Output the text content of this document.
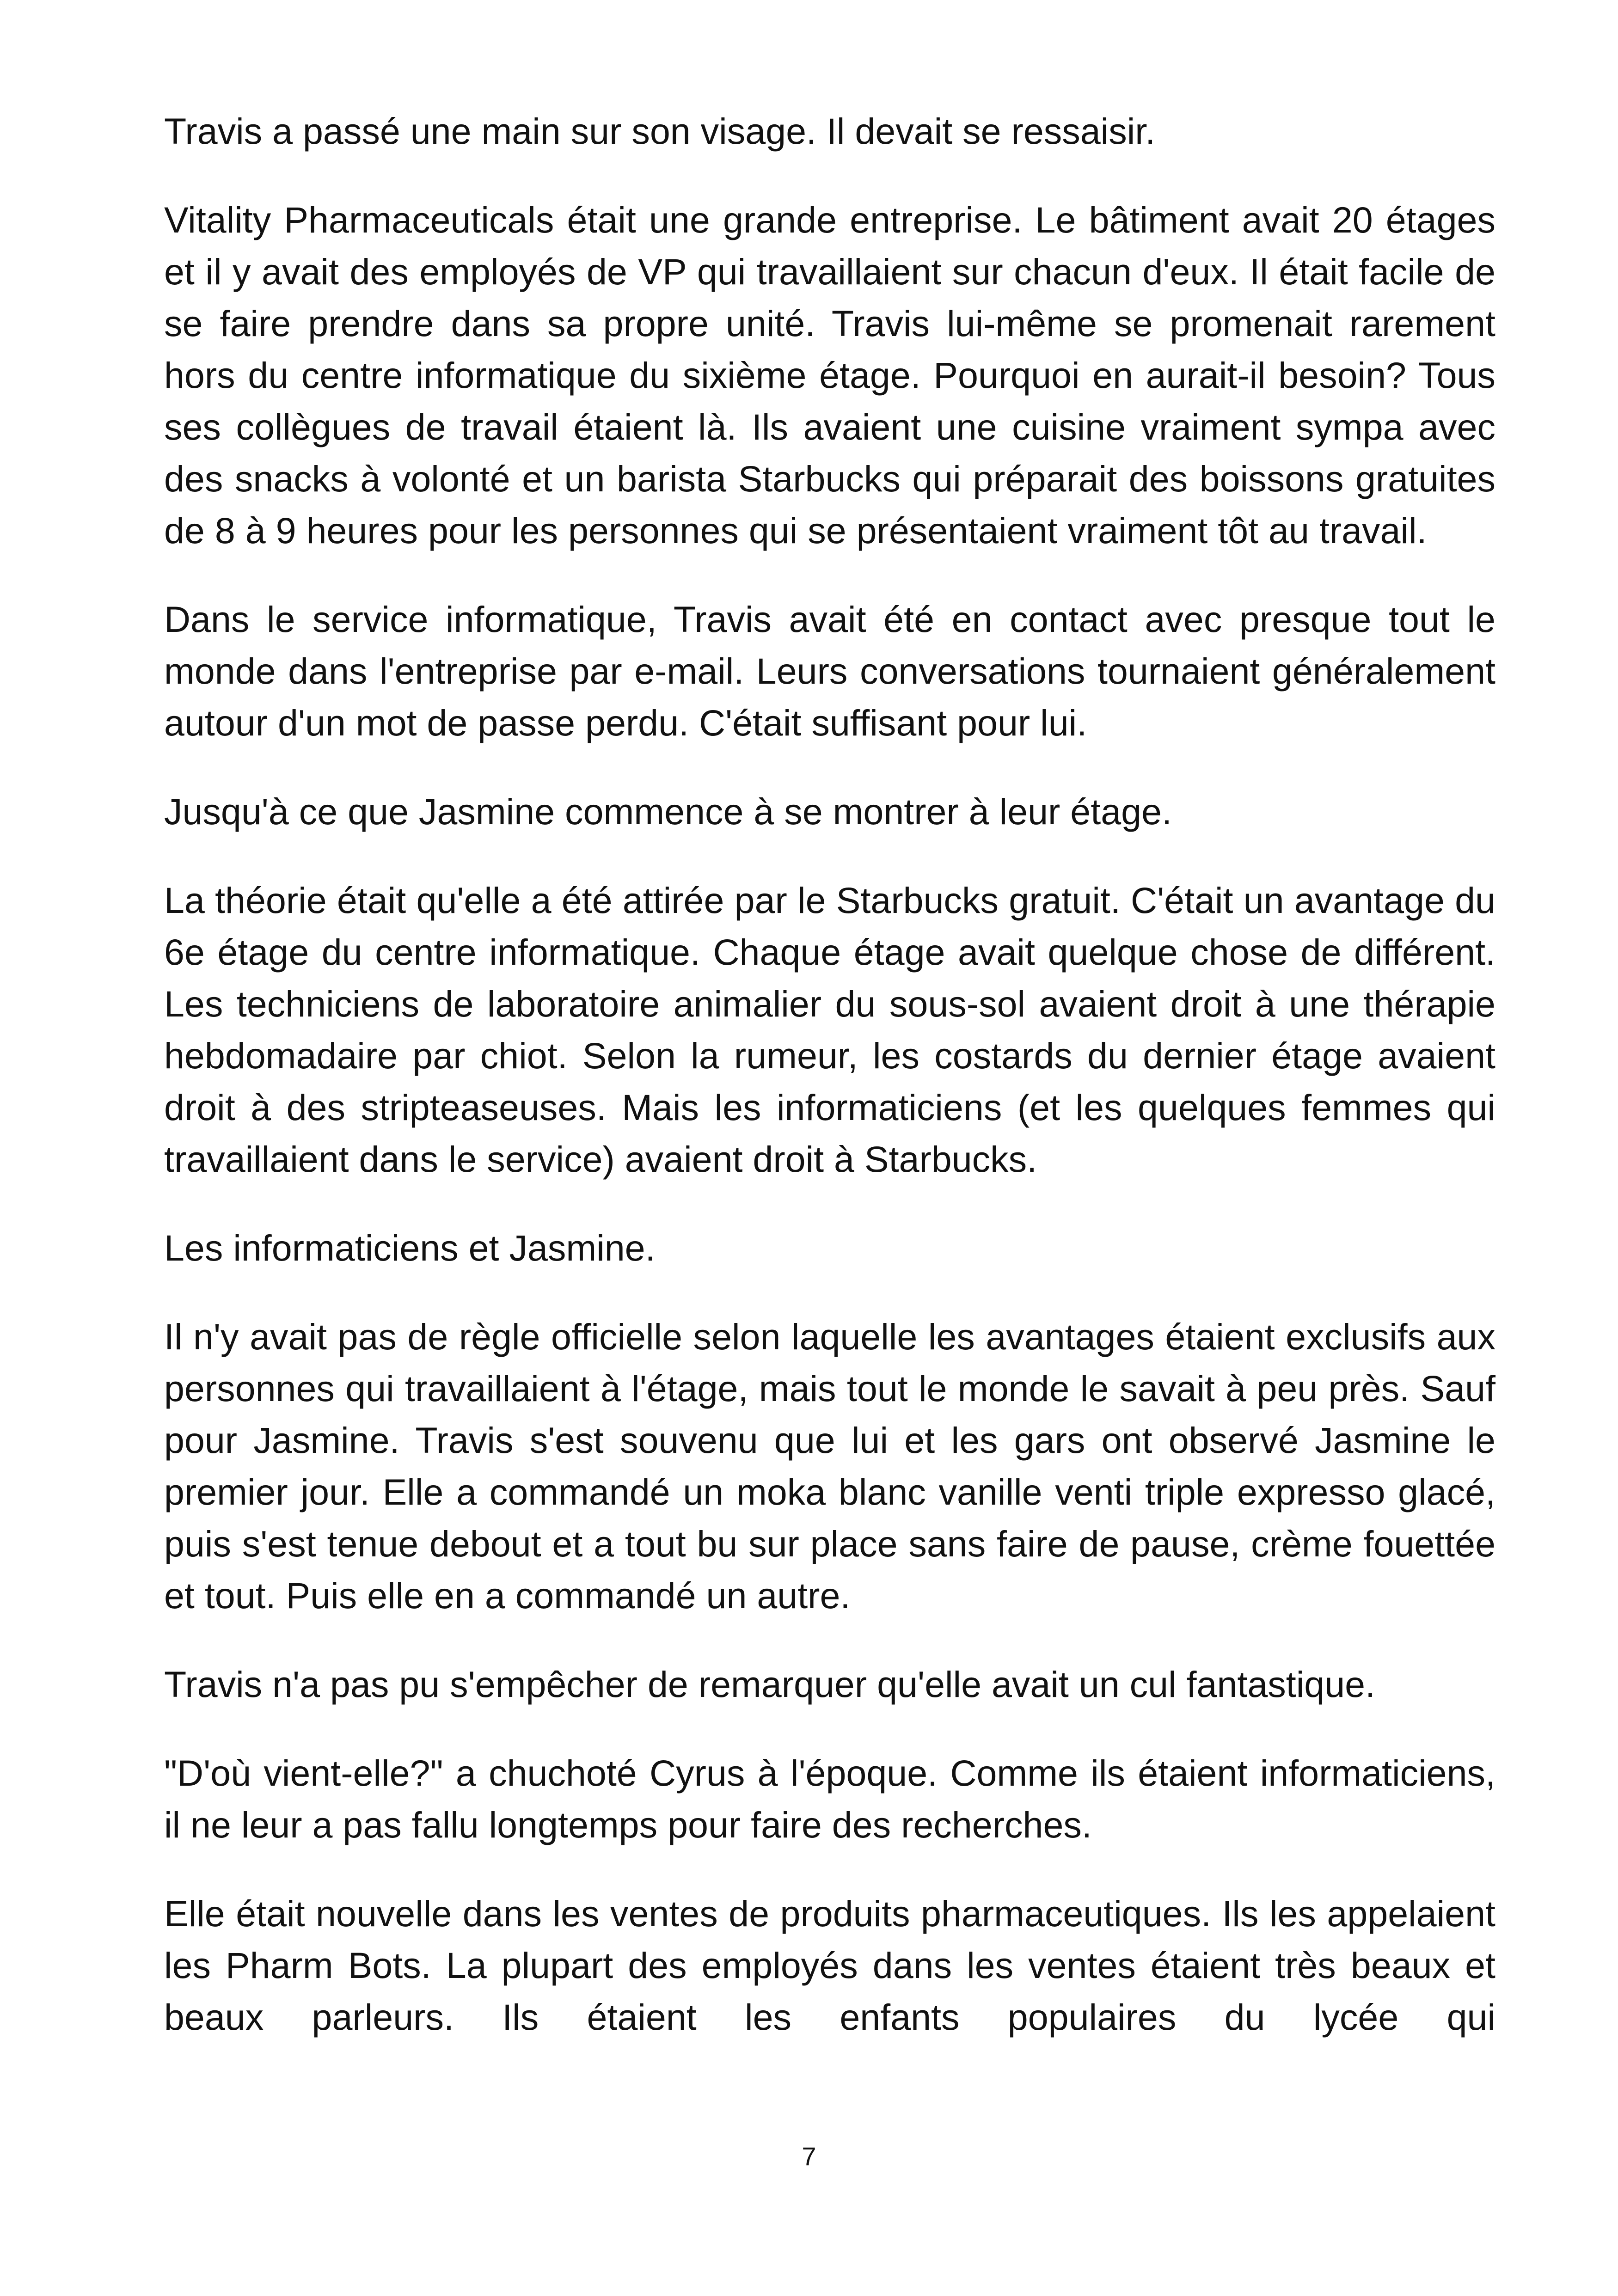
Travis a passé une main sur son visage. Il devait se ressaisir.

Vitality Pharmaceuticals était une grande entreprise. Le bâtiment avait 20 étages et il y avait des employés de VP qui travaillaient sur chacun d'eux. Il était facile de se faire prendre dans sa propre unité. Travis lui-même se promenait rarement hors du centre informatique du sixième étage. Pourquoi en aurait-il besoin? Tous ses collègues de travail étaient là. Ils avaient une cuisine vraiment sympa avec des snacks à volonté et un barista Starbucks qui préparait des boissons gratuites de 8 à 9 heures pour les personnes qui se présentaient vraiment tôt au travail.

Dans le service informatique, Travis avait été en contact avec presque tout le monde dans l'entreprise par e-mail. Leurs conversations tournaient généralement autour d'un mot de passe perdu. C'était suffisant pour lui.

Jusqu'à ce que Jasmine commence à se montrer à leur étage.

La théorie était qu'elle a été attirée par le Starbucks gratuit. C'était un avantage du 6e étage du centre informatique. Chaque étage avait quelque chose de différent. Les techniciens de laboratoire animalier du sous-sol avaient droit à une thérapie hebdomadaire par chiot. Selon la rumeur, les costards du dernier étage avaient droit à des stripteaseuses. Mais les informaticiens (et les quelques femmes qui travaillaient dans le service) avaient droit à Starbucks.

Les informaticiens et Jasmine.

Il n'y avait pas de règle officielle selon laquelle les avantages étaient exclusifs aux personnes qui travaillaient à l'étage, mais tout le monde le savait à peu près. Sauf pour Jasmine. Travis s'est souvenu que lui et les gars ont observé Jasmine le premier jour. Elle a commandé un moka blanc vanille venti triple expresso glacé, puis s'est tenue debout et a tout bu sur place sans faire de pause, crème fouettée et tout. Puis elle en a commandé un autre.

Travis n'a pas pu s'empêcher de remarquer qu'elle avait un cul fantastique.

"D'où vient-elle?" a chuchoté Cyrus à l'époque. Comme ils étaient informaticiens, il ne leur a pas fallu longtemps pour faire des recherches.

Elle était nouvelle dans les ventes de produits pharmaceutiques. Ils les appelaient les Pharm Bots. La plupart des employés dans les ventes étaient très beaux et beaux parleurs. Ils étaient les enfants populaires du lycée qui

7
